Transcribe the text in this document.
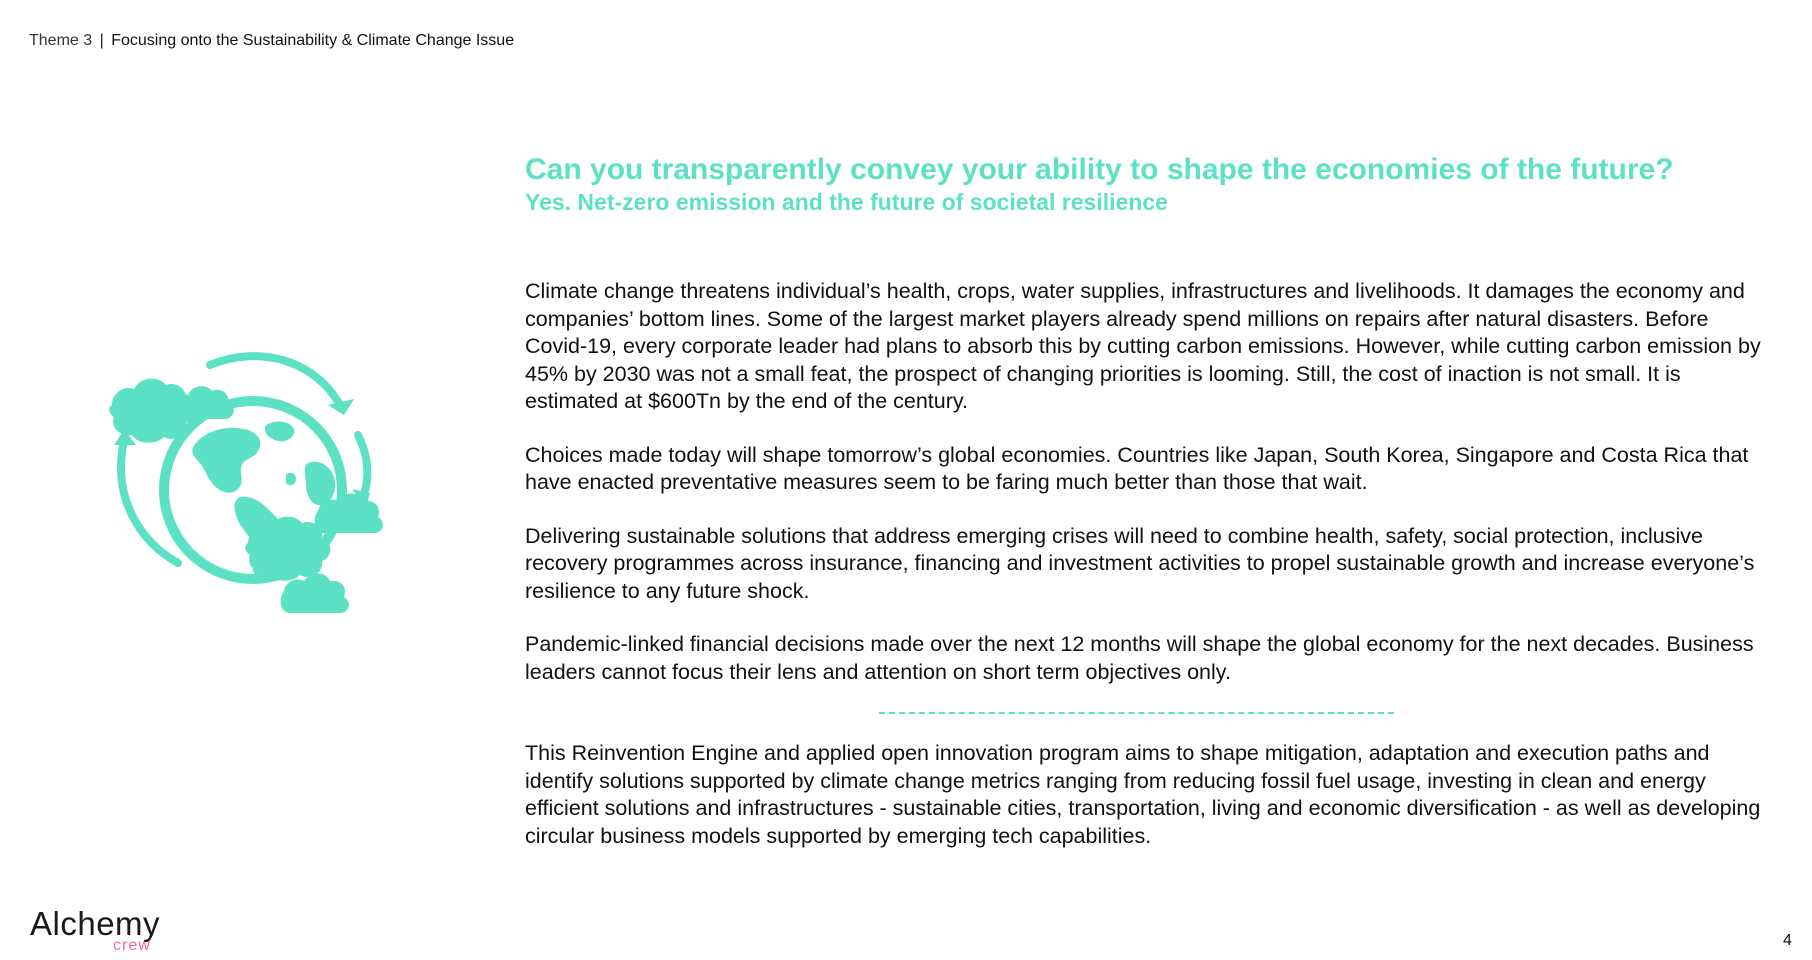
Theme 3 | Focusing onto the Sustainability & Climate Change Issue
Can you transparently convey your ability to shape the economies of the future?
Yes. Net-zero emission and the future of societal resilience

Climate change threatens individual’s health, crops, water supplies, infrastructures and livelihoods. It damages the economy and companies’ bottom lines. Some of the largest market players already spend millions on repairs after natural disasters. Before Covid-19, every corporate leader had plans to absorb this by cutting carbon emissions. However, while cutting carbon emission by 45% by 2030 was not a small feat, the prospect of changing priorities is looming. Still, the cost of inaction is not small. It is estimated at $600Tn by the end of the century.

Choices made today will shape tomorrow’s global economies. Countries like Japan, South Korea, Singapore and Costa Rica that have enacted preventative measures seem to be faring much better than those that wait.

Delivering sustainable solutions that address emerging crises will need to combine health, safety, social protection, inclusive recovery programmes across insurance, financing and investment activities to propel sustainable growth and increase everyone’s resilience to any future shock.

Pandemic-linked financial decisions made over the next 12 months will shape the global economy for the next decades. Business leaders cannot focus their lens and attention on short term objectives only.

This Reinvention Engine and applied open innovation program aims to shape mitigation, adaptation and execution paths and identify solutions supported by climate change metrics ranging from reducing fossil fuel usage, investing in clean and energy efficient solutions and infrastructures - sustainable cities, transportation, living and economic diversification - as well as developing circular business models supported by emerging tech capabilities.

Alchemy
crew	4
